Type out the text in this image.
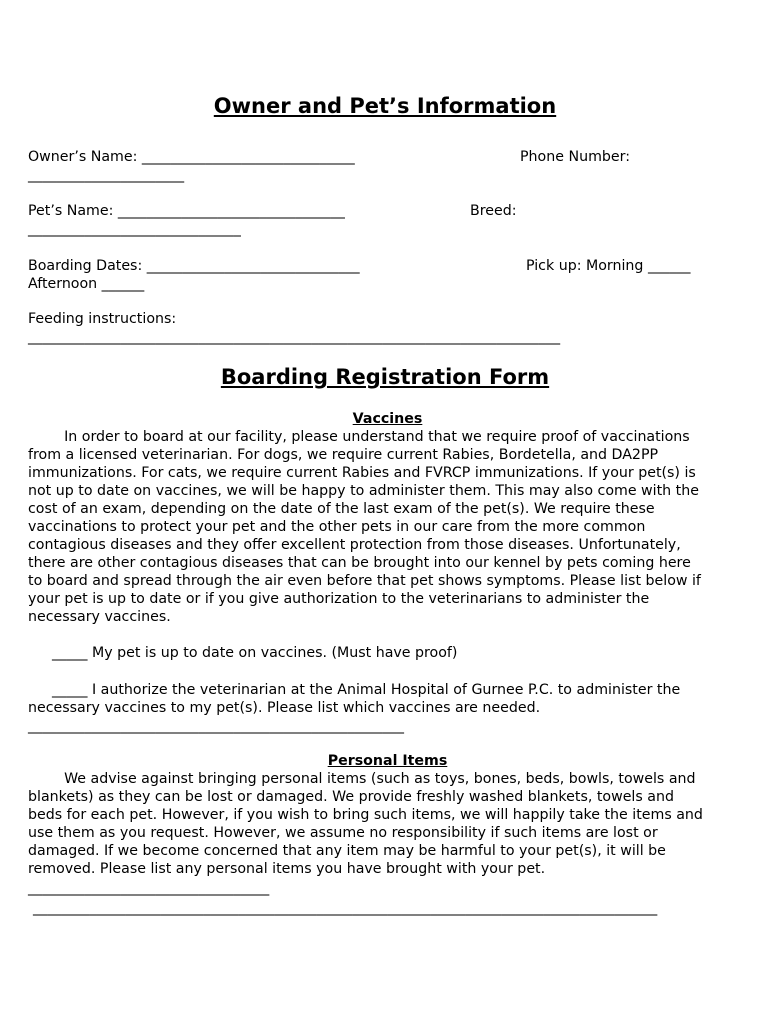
Owner and Pet’s Information
Owner’s Name: ______________________________	Phone Number:
______________________
Pet’s Name: ________________________________	Breed:
______________________________
Boarding Dates: ______________________________	Pick up: Morning ______
Afternoon ______
Feeding instructions:
___________________________________________________________________________
Boarding Registration Form
Vaccines
In order to board at our facility, please understand that we require proof of vaccinations
from a licensed veterinarian. For dogs, we require current Rabies, Bordetella, and DA2PP
immunizations. For cats, we require current Rabies and FVRCP immunizations. If your pet(s) is
not up to date on vaccines, we will be happy to administer them. This may also come with the
cost of an exam, depending on the date of the last exam of the pet(s). We require these
vaccinations to protect your pet and the other pets in our care from the more common
contagious diseases and they offer excellent protection from those diseases. Unfortunately,
there are other contagious diseases that can be brought into our kennel by pets coming here
to board and spread through the air even before that pet shows symptoms. Please list below if
your pet is up to date or if you give authorization to the veterinarians to administer the
necessary vaccines.
_____ My pet is up to date on vaccines. (Must have proof)
_____ I authorize the veterinarian at the Animal Hospital of Gurnee P.C. to administer the
necessary vaccines to my pet(s). Please list which vaccines are needed.
_____________________________________________________
Personal Items
We advise against bringing personal items (such as toys, bones, beds, bowls, towels and
blankets) as they can be lost or damaged. We provide freshly washed blankets, towels and
beds for each pet. However, if you wish to bring such items, we will happily take the items and
use them as you request. However, we assume no responsibility if such items are lost or
damaged. If we become concerned that any item may be harmful to your pet(s), it will be
removed. Please list any personal items you have brought with your pet.
__________________________________
________________________________________________________________________________________
